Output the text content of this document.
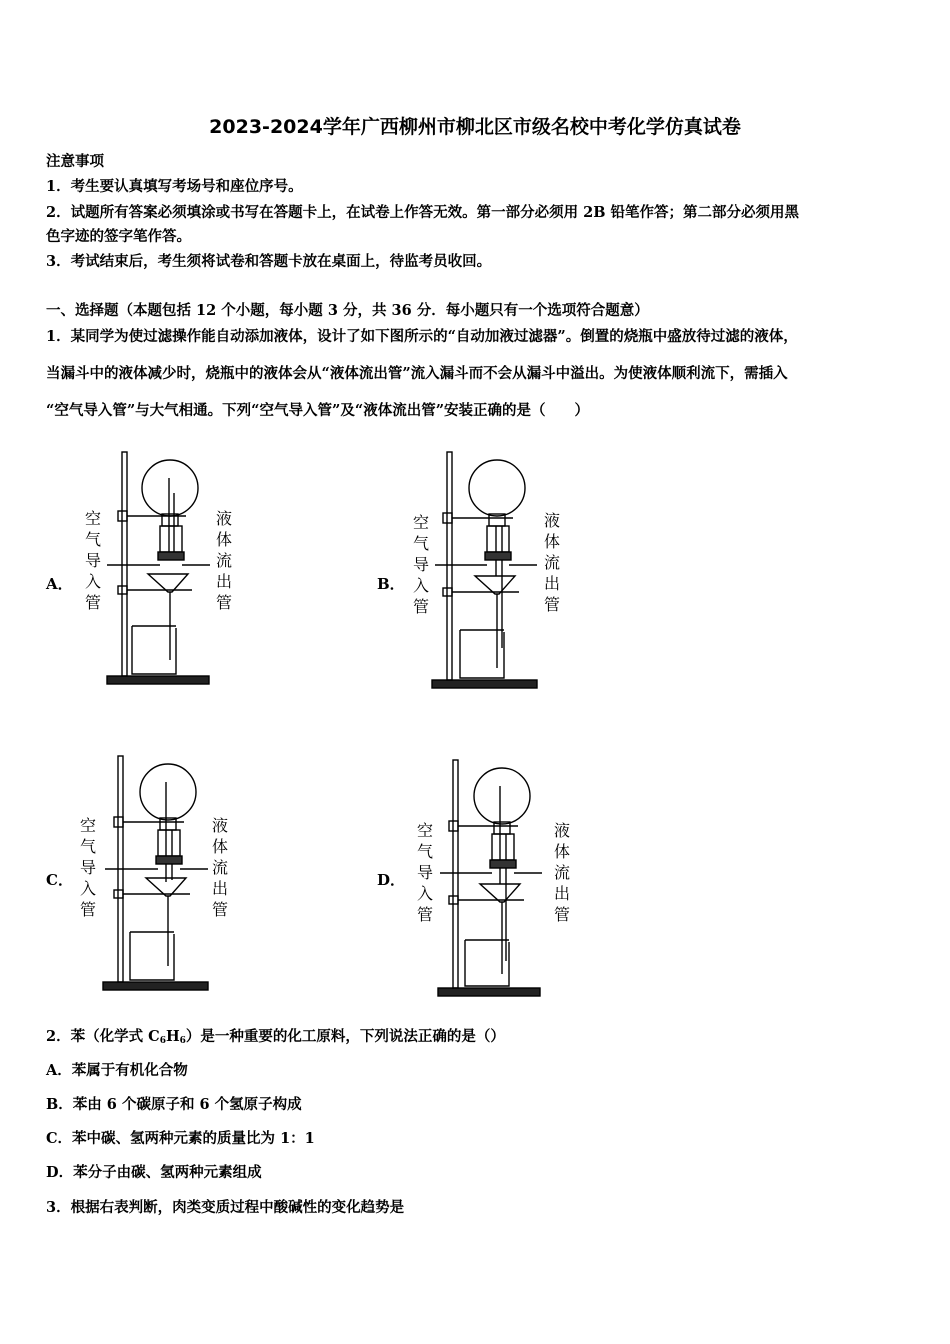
2023-2024学年广西柳州市柳北区市级名校中考化学仿真试卷
注意事项
1．考生要认真填写考场号和座位序号。
2．试题所有答案必须填涂或书写在答题卡上，在试卷上作答无效。第一部分必须用 2B 铅笔作答；第二部分必须用黑
色字迹的签字笔作答。
3．考试结束后，考生须将试卷和答题卡放在桌面上，待监考员收回。
一、选择题（本题包括 12 个小题，每小题 3 分，共 36 分．每小题只有一个选项符合题意）
1．某同学为使过滤操作能自动添加液体，设计了如下图所示的“自动加液过滤器”。倒置的烧瓶中盛放待过滤的液体，
当漏斗中的液体减少时，烧瓶中的液体会从“液体流出管”流入漏斗而不会从漏斗中溢出。为使液体顺利流下，需插入
“空气导入管”与大气相通。下列“空气导入管”及“液体流出管”安装正确的是（　　）
A．	B．
C．	D．
空气导入管
液体流出管
空气导入管
液体流出管
空气导入管
液体流出管
空气导入管
液体流出管
2．苯（化学式 $C_6H_6$）是一种重要的化工原料，下列说法正确的是（）
A．苯属于有机化合物
B．苯由 6 个碳原子和 6 个氢原子构成
C．苯中碳、氢两种元素的质量比为 1：1
D．苯分子由碳、氢两种元素组成
3．根据右表判断，肉类变质过程中酸碱性的变化趋势是
